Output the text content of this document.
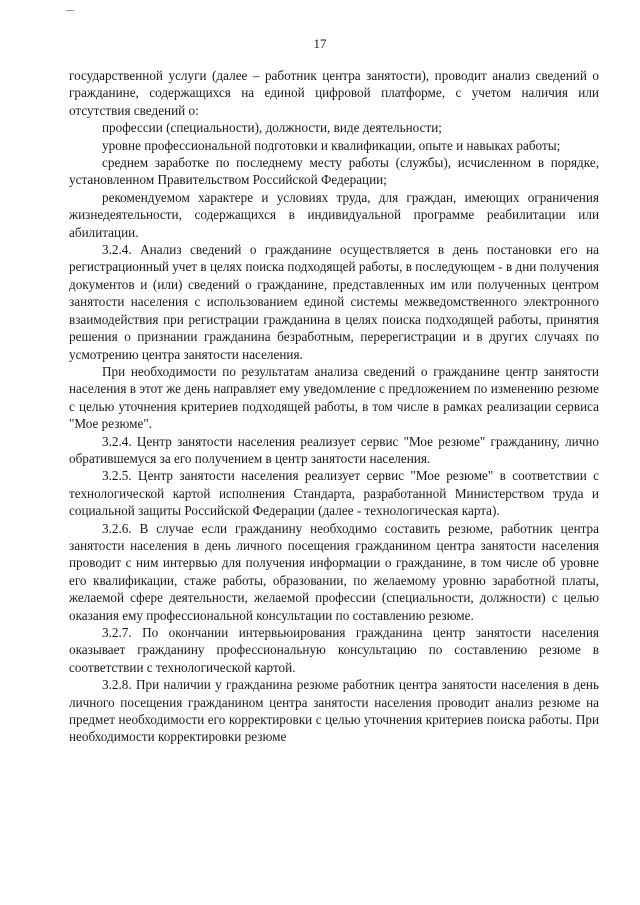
17

государственной услуги (далее – работник центра занятости), проводит анализ сведений о гражданине, содержащихся на единой цифровой платформе, с учетом наличия или отсутствия сведений о:

профессии (специальности), должности, виде деятельности;

уровне профессиональной подготовки и квалификации, опыте и навыках работы;

среднем заработке по последнему месту работы (службы), исчисленном в порядке, установленном Правительством Российской Федерации;

рекомендуемом характере и условиях труда, для граждан, имеющих ограничения жизнедеятельности, содержащихся в индивидуальной программе реабилитации или абилитации.

3.2.4. Анализ сведений о гражданине осуществляется в день постановки его на регистрационный учет в целях поиска подходящей работы, в последующем - в дни получения документов и (или) сведений о гражданине, представленных им или полученных центром занятости населения с использованием единой системы межведомственного электронного взаимодействия при регистрации гражданина в целях поиска подходящей работы, принятия решения о признании гражданина безработным, перерегистрации и в других случаях по усмотрению центра занятости населения.

При необходимости по результатам анализа сведений о гражданине центр занятости населения в этот же день направляет ему уведомление с предложением по изменению резюме с целью уточнения критериев подходящей работы, в том числе в рамках реализации сервиса "Мое резюме".

3.2.4. Центр занятости населения реализует сервис "Мое резюме" гражданину, лично обратившемуся за его получением в центр занятости населения.

3.2.5. Центр занятости населения реализует сервис "Мое резюме" в соответствии с технологической картой исполнения Стандарта, разработанной Министерством труда и социальной защиты Российской Федерации (далее - технологическая карта).

3.2.6. В случае если гражданину необходимо составить резюме, работник центра занятости населения в день личного посещения гражданином центра занятости населения проводит с ним интервью для получения информации о гражданине, в том числе об уровне его квалификации, стаже работы, образовании, по желаемому уровню заработной платы, желаемой сфере деятельности, желаемой профессии (специальности, должности) с целью оказания ему профессиональной консультации по составлению резюме.

3.2.7. По окончании интервьюирования гражданина центр занятости населения оказывает гражданину профессиональную консультацию по составлению резюме в соответствии с технологической картой.

3.2.8. При наличии у гражданина резюме работник центра занятости населения в день личного посещения гражданином центра занятости населения проводит анализ резюме на предмет необходимости его корректировки с целью уточнения критериев поиска работы. При необходимости корректировки резюме
